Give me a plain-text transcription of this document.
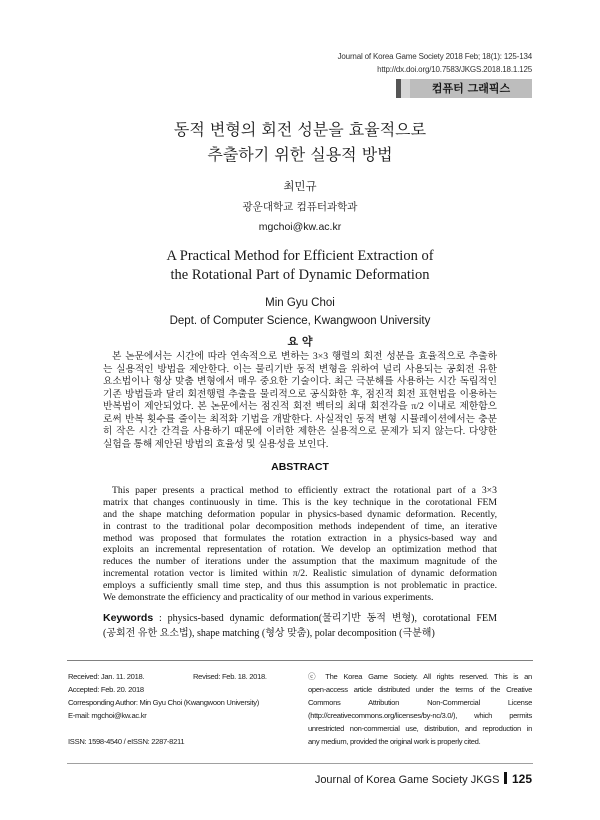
Journal of Korea Game Society 2018 Feb; 18(1): 125-134
http://dx.doi.org/10.7583/JKGS.2018.18.1.125
컴퓨터 그래픽스
동적 변형의 회전 성분을 효율적으로
추출하기 위한 실용적 방법
최민규
광운대학교 컴퓨터과학과
mgchoi@kw.ac.kr
A Practical Method for Efficient Extraction of
the Rotational Part of Dynamic Deformation
Min Gyu Choi
Dept. of Computer Science, Kwangwoon University
요 약
본 논문에서는 시간에 따라 연속적으로 변하는 3×3 행렬의 회전 성분을 효율적으로 추출하
는 실용적인 방법을 제안한다. 이는 물리기반 동적 변형을 위하여 널리 사용되는 공회전 유한
요소법이나 형상 맞춤 변형에서 매우 중요한 기술이다. 최근 극분해를 사용하는 시간 독립적인
기존 방법들과 달리 회전행렬 추출을 물리적으로 공식화한 후, 점진적 회전 표현법을 이용하는
반복법이 제안되었다. 본 논문에서는 점진적 회전 벡터의 최대 회전각을 π/2 이내로 제한함으
로써 반복 횟수를 줄이는 최적화 기법을 개발한다. 사실적인 동적 변형 시뮬레이션에서는 충분
히 작은 시간 간격을 사용하기 때문에 이러한 제한은 실용적으로 문제가 되지 않는다. 다양한
실험을 통해 제안된 방법의 효율성 및 실용성을 보인다.
ABSTRACT
This paper presents a practical method to efficiently extract the rotational part of a 3×3
matrix that changes continuously in time. This is the key technique in the corotational FEM
and the shape matching deformation popular in physics-based dynamic deformation. Recently,
in contrast to the traditional polar decomposition methods independent of time, an iterative
method was proposed that formulates the rotation extraction in a physics-based way and
exploits an incremental representation of rotation. We develop an optimization method that
reduces the number of iterations under the assumption that the maximum magnitude of the
incremental rotation vector is limited within π/2. Realistic simulation of dynamic deformation
employs a sufficiently small time step, and thus this assumption is not problematic in practice.
We demonstrate the efficiency and practicality of our method in various experiments.
Keywords : physics-based dynamic deformation(물리기반 동적 변형), corotational FEM
(공회전 유한 요소법), shape matching (형상 맞춤), polar decomposition (극분해)
Received: Jan. 11. 2018.	Revised: Feb. 18. 2018.
Accepted: Feb. 20. 2018
Corresponding Author: Min Gyu Choi (Kwangwoon University)
E-mail: mgchoi@kw.ac.kr
ISSN: 1598-4540 / eISSN: 2287-8211
ⓒ The Korea Game Society. All rights reserved. This is an
open-access article distributed under the terms of the Creative
Commons Attribution Non-Commercial License
(http://creativecommons.org/licenses/by-nc/3.0/), which permits
unrestricted non-commercial use, distribution, and reproduction in
any medium, provided the original work is properly cited.
Journal of Korea Game Society JKGS 125
